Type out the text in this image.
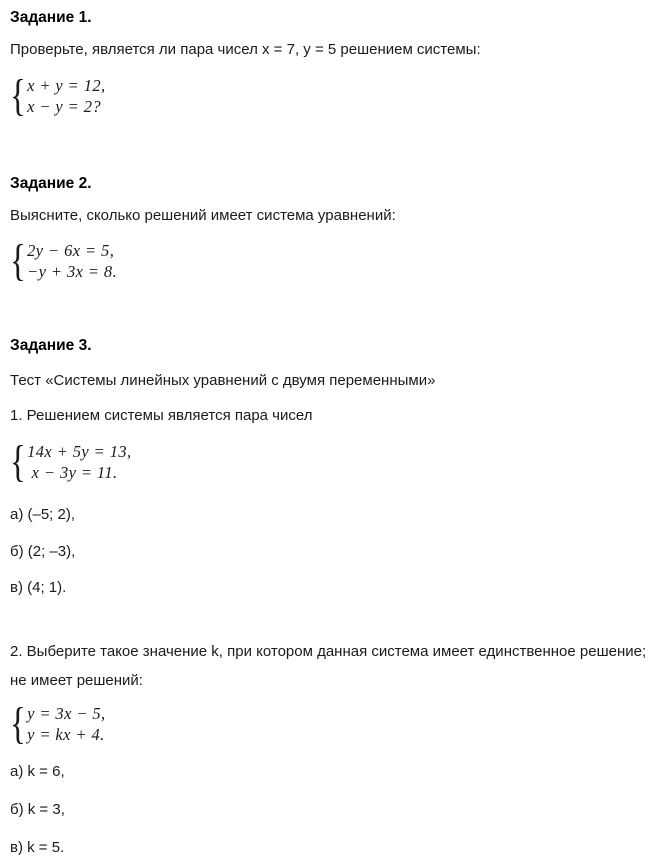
Задание 1.
Проверьте, является ли пара чисел x = 7, y = 5 решением системы:
{ x + y = 12,
x − y = 2?
Задание 2.
Выясните, сколько решений имеет система уравнений:
{ 2y − 6x = 5,
−y + 3x = 8.
Задание 3.
Тест «Системы линейных уравнений с двумя переменными»
1. Решением системы является пара чисел
{ 14x + 5y = 13,
x − 3y = 11.
а) (–5; 2),
б) (2; –3),
в) (4; 1).
2. Выберите такое значение k, при котором данная система имеет единственное решение; не имеет решений:
{ y = 3x − 5,
y = kx + 4.
а) k = 6,
б) k = 3,
в) k = 5.
